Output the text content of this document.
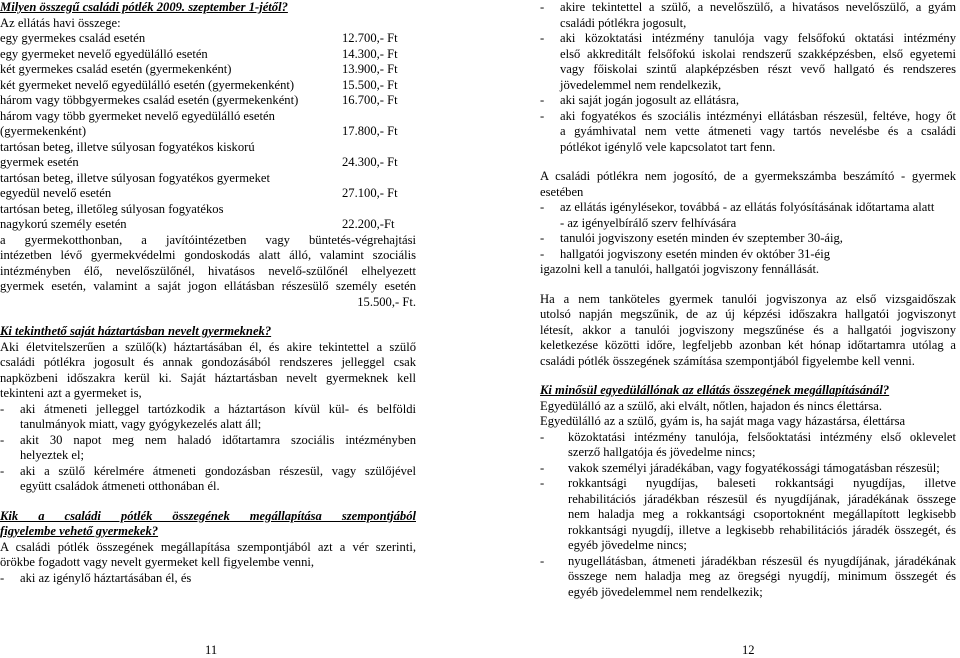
Milyen összegű családi pótlék 2009. szeptember 1-jétől?
Az ellátás havi összege:
egy gyermekes család esetén	12.700,- Ft
egy gyermeket nevelő egyedülálló esetén	14.300,- Ft
két gyermekes család esetén (gyermekenként)	13.900,- Ft
két gyermeket nevelő egyedülálló esetén (gyermekenként)	15.500,- Ft
három vagy többgyermekes család esetén (gyermekenként)	16.700,- Ft
három vagy több gyermeket nevelő egyedülálló esetén
(gyermekenként)	17.800,- Ft
tartósan beteg, illetve súlyosan fogyatékos kiskorú
gyermek esetén	24.300,- Ft
tartósan beteg, illetve súlyosan fogyatékos gyermeket
egyedül nevelő esetén	27.100,- Ft
tartósan beteg, illetőleg súlyosan fogyatékos
nagykorú személy esetén	22.200,-Ft
a gyermekotthonban, a javítóintézetben vagy büntetés-végrehajtási
intézetben lévő gyermekvédelmi gondoskodás alatt álló, valamint szociális
intézményben élő, nevelőszülőnél, hivatásos nevelő-szülőnél elhelyezett
gyermek esetén, valamint a saját jogon ellátásban részesülő személy esetén
15.500,- Ft.
Ki tekinthető saját háztartásban nevelt gyermeknek?
Aki életvitelszerűen a szülő(k) háztartásában él, és akire tekintettel a szülő
családi pótlékra jogosult és annak gondozásából rendszeres jelleggel csak
napközbeni időszakra kerül ki. Saját háztartásban nevelt gyermeknek kell
tekinteni azt a gyermeket is,
-	aki átmeneti jelleggel tartózkodik a háztartáson kívül kül- és belföldi
tanulmányok miatt, vagy gyógykezelés alatt áll;
-	akit 30 napot meg nem haladó időtartamra szociális intézményben
helyeztek el;
-	aki a szülő kérelmére átmeneti gondozásban részesül, vagy szülőjével
együtt családok átmeneti otthonában él.
Kik a családi pótlék összegének megállapítása szempontjából
figyelembe vehető gyermekek?
A családi pótlék összegének megállapítása szempontjából azt a vér szerinti,
örökbe fogadott vagy nevelt gyermeket kell figyelembe venni,
- aki az igénylő háztartásában él, és
11
-	akire tekintettel a szülő, a nevelőszülő, a hivatásos nevelőszülő, a gyám
családi pótlékra jogosult,
-	aki közoktatási intézmény tanulója vagy felsőfokú oktatási intézmény
első akkreditált felsőfokú iskolai rendszerű szakképzésben, első egyetemi
vagy főiskolai szintű alapképzésben részt vevő hallgató és rendszeres
jövedelemmel nem rendelkezik,
-	aki saját jogán jogosult az ellátásra,
-	aki fogyatékos és szociális intézményi ellátásban részesül, feltéve, hogy őt
a gyámhivatal nem vette átmeneti vagy tartós nevelésbe és a családi
pótlékot igénylő vele kapcsolatot tart fenn.
A családi pótlékra nem jogosító, de a gyermekszámba beszámító - gyermek
esetében
-	az ellátás igénylésekor, továbbá - az ellátás folyósításának időtartama alatt
- az igényelbírálő szerv felhívására
-	tanulói jogviszony esetén minden év szeptember 30-áig,
-	hallgatói jogviszony esetén minden év október 31-éig
igazolni kell a tanulói, hallgatói jogviszony fennállását.
Ha a nem tanköteles gyermek tanulói jogviszonya az első vizsgaidőszak
utolsó napján megszűnik, de az új képzési időszakra hallgatói jogviszonyt
létesít, akkor a tanulói jogviszony megszűnése és a hallgatói jogviszony
keletkezése közötti időre, legfeljebb azonban két hónap időtartamra utólag a
családi pótlék összegének számítása szempontjából figyelembe kell venni.
Ki minősül egyedülállónak az ellátás összegének megállapításánál?
Egyedülálló az a szülő, aki elvált, nőtlen, hajadon és nincs élettársa.
Egyedülálló az a szülő, gyám is, ha saját maga vagy házastársa, élettársa
-	közoktatási intézmény tanulója, felsőoktatási intézmény első oklevelet
szerző hallgatója és jövedelme nincs;
-	vakok személyi járadékában, vagy fogyatékossági támogatásban részesül;
-	rokkantsági nyugdíjas, baleseti rokkantsági nyugdíjas, illetve
rehabilitációs járadékban részesül és nyugdíjának, járadékának összege
nem haladja meg a rokkantsági csoportoknént megállapított legkisebb
rokkantsági nyugdíj, illetve a legkisebb rehabilitációs járadék összegét, és
egyéb jövedelme nincs;
-	nyugellátásban, átmeneti járadékban részesül és nyugdíjának, járadékának
összege nem haladja meg az öregségi nyugdíj, minimum összegét és
egyéb jövedelemmel nem rendelkezik;
12
